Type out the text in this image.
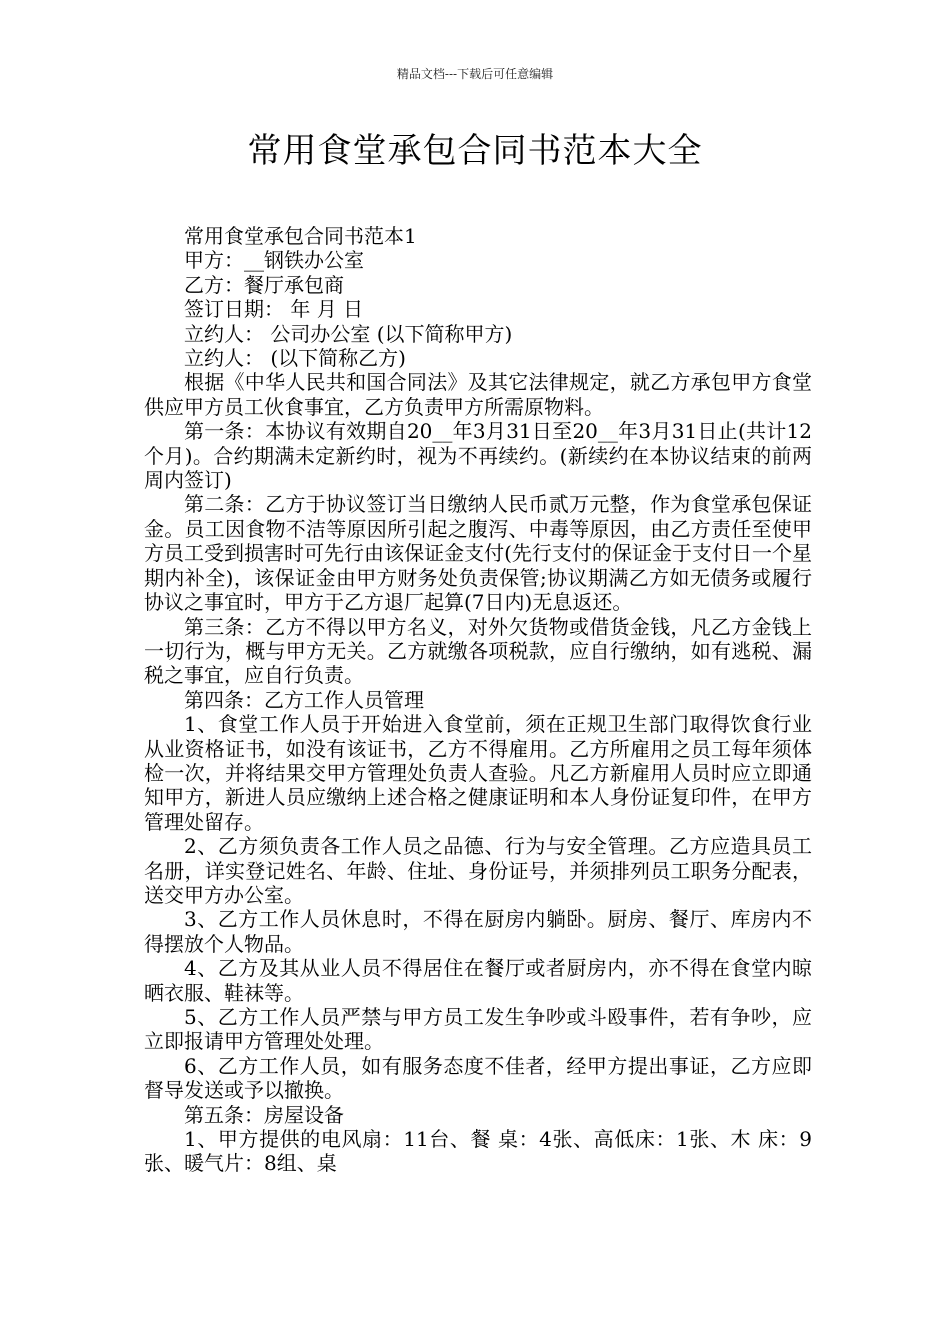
精品文档---下载后可任意编辑
常用食堂承包合同书范本大全

常用食堂承包合同书范本1

甲方：__钢铁办公室

乙方：餐厅承包商

签订日期： 年 月 日

立约人： 公司办公室 (以下简称甲方)

立约人： (以下简称乙方)

根据《中华人民共和国合同法》及其它法律规定，就乙方承包甲方食堂供应甲方员工伙食事宜，乙方负责甲方所需原物料。

第一条：本协议有效期自20__年3月31日至20__年3月31日止(共计12个月)。合约期满未定新约时，视为不再续约。(新续约在本协议结束的前两周内签订)

第二条：乙方于协议签订当日缴纳人民币贰万元整，作为食堂承包保证金。员工因食物不洁等原因所引起之腹泻、中毒等原因，由乙方责任至使甲方员工受到损害时可先行由该保证金支付(先行支付的保证金于支付日一个星期内补全)，该保证金由甲方财务处负责保管;协议期满乙方如无债务或履行协议之事宜时，甲方于乙方退厂起算(7日内)无息返还。

第三条：乙方不得以甲方名义，对外欠货物或借货金钱，凡乙方金钱上一切行为，概与甲方无关。乙方就缴各项税款，应自行缴纳，如有逃税、漏税之事宜，应自行负责。

第四条：乙方工作人员管理

1、食堂工作人员于开始进入食堂前，须在正规卫生部门取得饮食行业从业资格证书，如没有该证书，乙方不得雇用。乙方所雇用之员工每年须体检一次，并将结果交甲方管理处负责人查验。凡乙方新雇用人员时应立即通知甲方，新进人员应缴纳上述合格之健康证明和本人身份证复印件，在甲方管理处留存。

2、乙方须负责各工作人员之品德、行为与安全管理。乙方应造具员工名册，详实登记姓名、年龄、住址、身份证号，并须排列员工职务分配表，送交甲方办公室。

3、乙方工作人员休息时，不得在厨房内躺卧。厨房、餐厅、库房内不得摆放个人物品。

4、乙方及其从业人员不得居住在餐厅或者厨房内，亦不得在食堂内晾晒衣服、鞋袜等。

5、乙方工作人员严禁与甲方员工发生争吵或斗殴事件，若有争吵，应立即报请甲方管理处处理。

6、乙方工作人员，如有服务态度不佳者，经甲方提出事证，乙方应即督导发送或予以撤换。

第五条：房屋设备

1、甲方提供的电风扇：11台、餐 桌：4张、高低床：1张、木 床：9张、暖气片：8组、桌
